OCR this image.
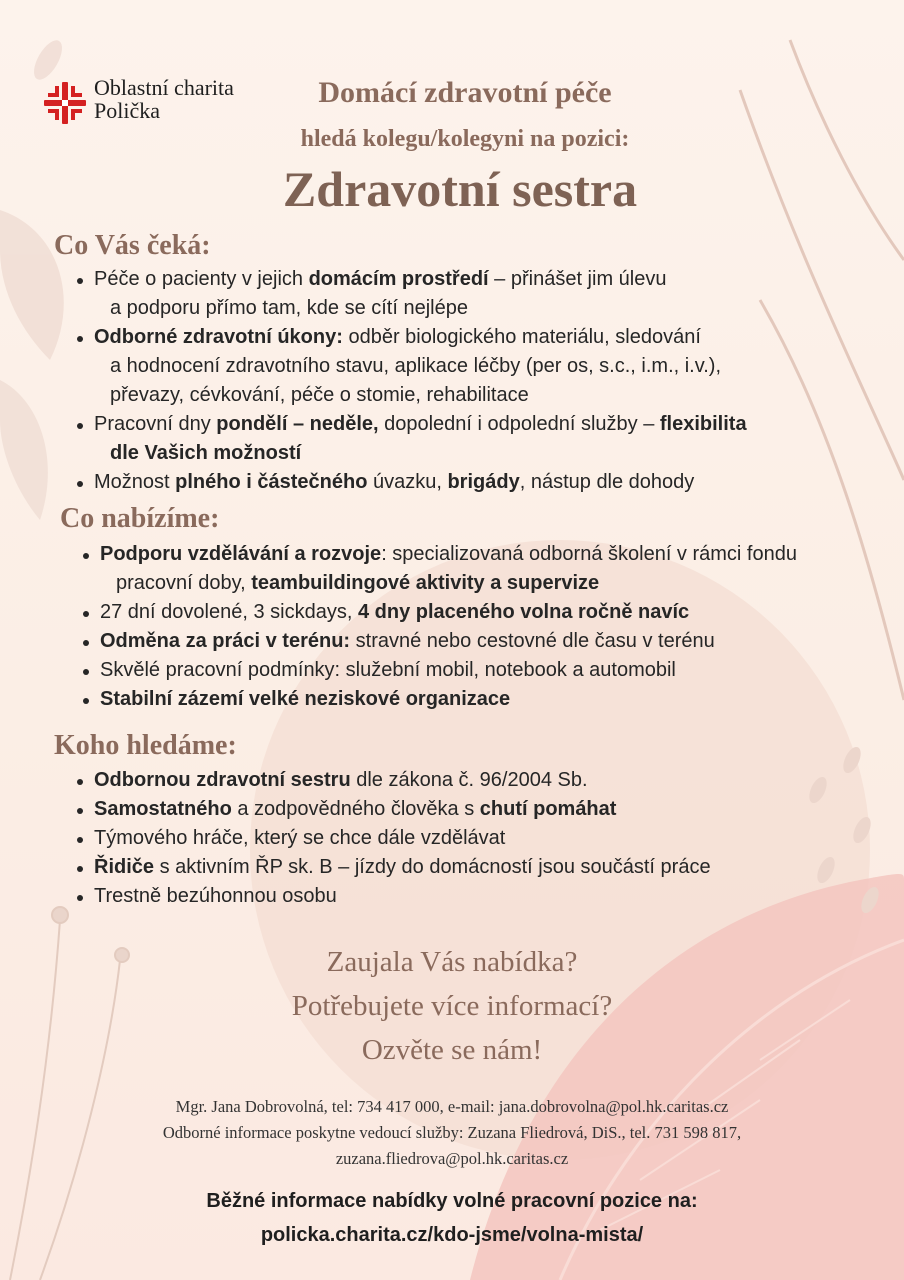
Oblastní charita
Polička
Domácí zdravotní péče
hledá kolegu/kolegyni na pozici:
Zdravotní sestra
Co Vás čeká:
Péče o pacienty v jejich domácím prostředí – přinášet jim úlevu
a podporu přímo tam, kde se cítí nejlépe
Odborné zdravotní úkony: odběr biologického materiálu, sledování
a hodnocení zdravotního stavu, aplikace léčby (per os, s.c., i.m., i.v.),
převazy, cévkování, péče o stomie, rehabilitace
Pracovní dny pondělí – neděle, dopolední i odpolední služby – flexibilita
dle Vašich možností
Možnost plného i částečného úvazku, brigády, nástup dle dohody
Co nabízíme:
Podporu vzdělávání a rozvoje: specializovaná odborná školení v rámci fondu
pracovní doby, teambuildingové aktivity a supervize
27 dní dovolené, 3 sickdays, 4 dny placeného volna ročně navíc
Odměna za práci v terénu: stravné nebo cestovné dle času v terénu
Skvělé pracovní podmínky: služební mobil, notebook a automobil
Stabilní zázemí velké neziskové organizace
Koho hledáme:
Odbornou zdravotní sestru dle zákona č. 96/2004 Sb.
Samostatného a zodpovědného člověka s chutí pomáhat
Týmového hráče, který se chce dále vzdělávat
Řidiče s aktivním ŘP sk. B – jízdy do domácností jsou součástí práce
Trestně bezúhonnou osobu
Zaujala Vás nabídka?
Potřebujete více informací?
Ozvěte se nám!
Mgr. Jana Dobrovolná, tel: 734 417 000, e-mail: jana.dobrovolna@pol.hk.caritas.cz
Odborné informace poskytne vedoucí služby: Zuzana Fliedrová, DiS., tel. 731 598 817,
zuzana.fliedrova@pol.hk.caritas.cz
Běžné informace nabídky volné pracovní pozice na:
policka.charita.cz/kdo-jsme/volna-mista/
